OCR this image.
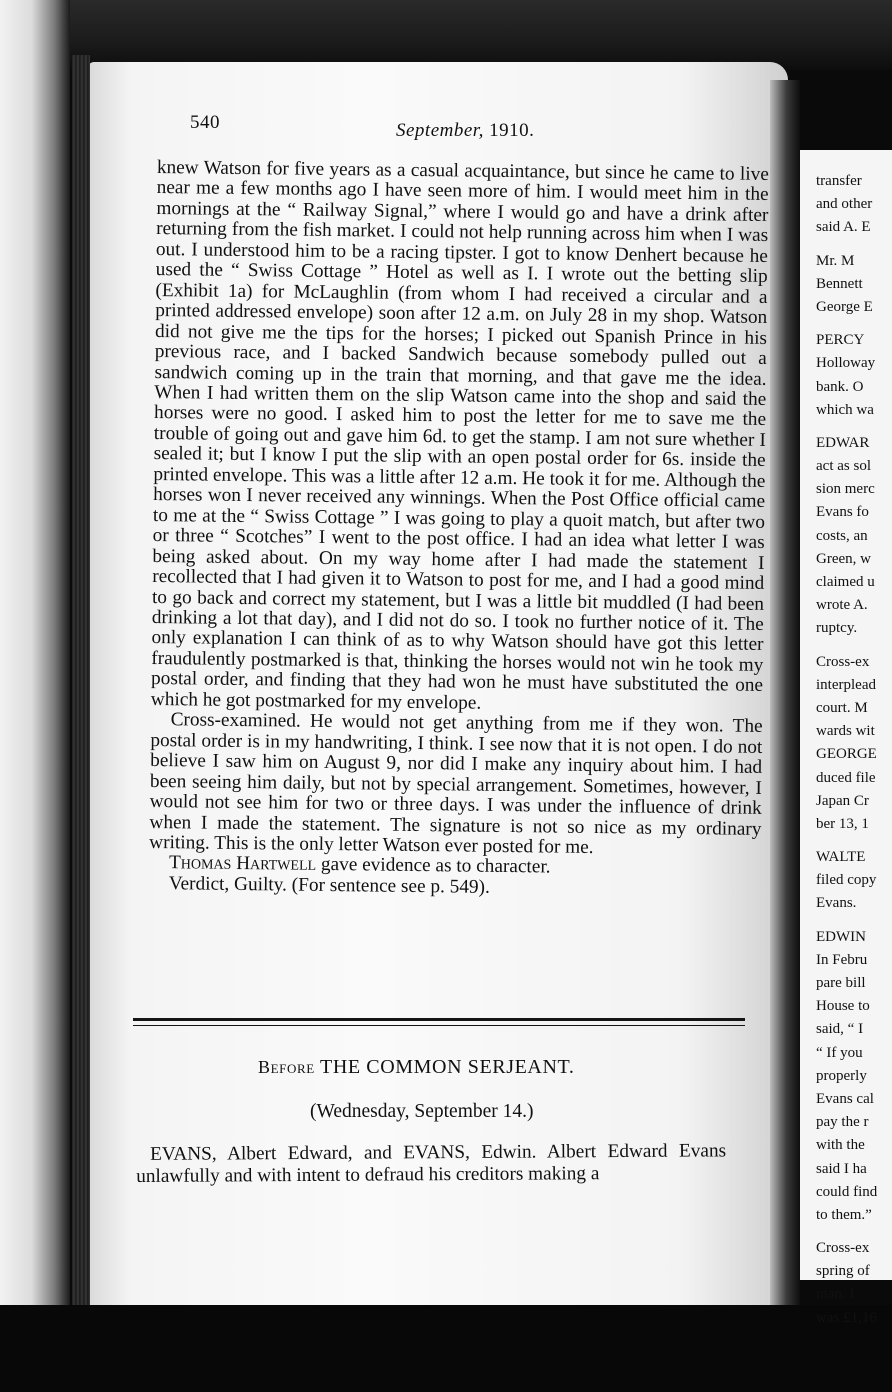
540	September, 1910.

knew Watson for five years as a casual acquaintance, but since he came to live near me a few months ago I have seen more of him. I would meet him in the mornings at the “ Railway Signal,” where I would go and have a drink after returning from the fish market. I could not help running across him when I was out. I understood him to be a racing tipster. I got to know Denhert because he used the “ Swiss Cottage ” Hotel as well as I. I wrote out the betting slip (Exhibit 1a) for McLaughlin (from whom I had received a circular and a printed addressed envelope) soon after 12 a.m. on July 28 in my shop. Watson did not give me the tips for the horses; I picked out Spanish Prince in his previous race, and I backed Sandwich because somebody pulled out a sandwich coming up in the train that morning, and that gave me the idea. When I had written them on the slip Watson came into the shop and said the horses were no good. I asked him to post the letter for me to save me the trouble of going out and gave him 6d. to get the stamp. I am not sure whether I sealed it; but I know I put the slip with an open postal order for 6s. inside the printed envelope. This was a little after 12 a.m. He took it for me. Although the horses won I never received any winnings. When the Post Office official came to me at the “ Swiss Cottage ” I was going to play a quoit match, but after two or three “ Scotches” I went to the post office. I had an idea what letter I was being asked about. On my way home after I had made the statement I recollected that I had given it to Watson to post for me, and I had a good mind to go back and correct my statement, but I was a little bit muddled (I had been drinking a lot that day), and I did not do so. I took no further notice of it. The only explanation I can think of as to why Watson should have got this letter fraudulently postmarked is that, thinking the horses would not win he took my postal order, and finding that they had won he must have substituted the one which he got postmarked for my envelope.

Cross-examined. He would not get anything from me if they won. The postal order is in my handwriting, I think. I see now that it is not open. I do not believe I saw him on August 9, nor did I make any inquiry about him. I had been seeing him daily, but not by special arrangement. Sometimes, however, I would not see him for two or three days. I was under the influence of drink when I made the statement. The signature is not so nice as my ordinary writing. This is the only letter Watson ever posted for me.

Thomas Hartwell gave evidence as to character.

Verdict, Guilty. (For sentence see p. 549).

Before THE COMMON SERJEANT.
(Wednesday, September 14.)

EVANS, Albert Edward, and EVANS, Edwin. Albert Edward Evans unlawfully and with intent to defraud his creditors making a

transfer
and other
said A. E
Mr. M
Bennett
George E
PERCY
Holloway
bank. O
which wa
EDWAR
act as sol
sion merc
Evans fo
costs, an
Green, w
claimed u
wrote A.
ruptcy.
Cross-ex
interplead
court. M
wards wit
GEORGE
duced file
Japan Cr
ber 13, 1
WALTE
filed copy
Evans.
EDWIN
In Febru
pare bill
House to
said, “ I
“ If you
properly
Evans cal
pay the r
with the
said I ha
could find
to them.”
Cross-ex
spring of
man. I
was £1,16
